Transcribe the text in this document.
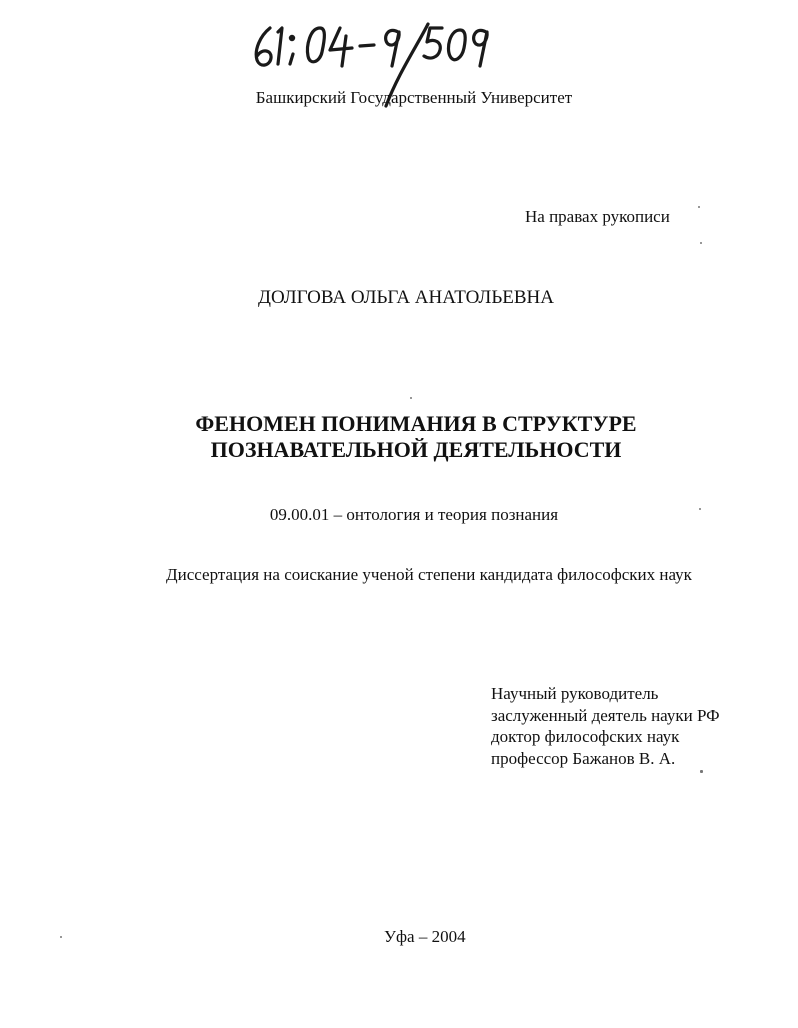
Башкирский Государственный Университет
На правах рукописи
ДОЛГОВА ОЛЬГА АНАТОЛЬЕВНА
ФЕНОМЕН ПОНИМАНИЯ В СТРУКТУРЕ
ПОЗНАВАТЕЛЬНОЙ ДЕЯТЕЛЬНОСТИ
09.00.01 – онтология и теория познания
Диссертация на соискание ученой степени кандидата философских наук
Научный руководитель
заслуженный деятель науки РФ
доктор философских наук
профессор Бажанов В. А.
Уфа – 2004
